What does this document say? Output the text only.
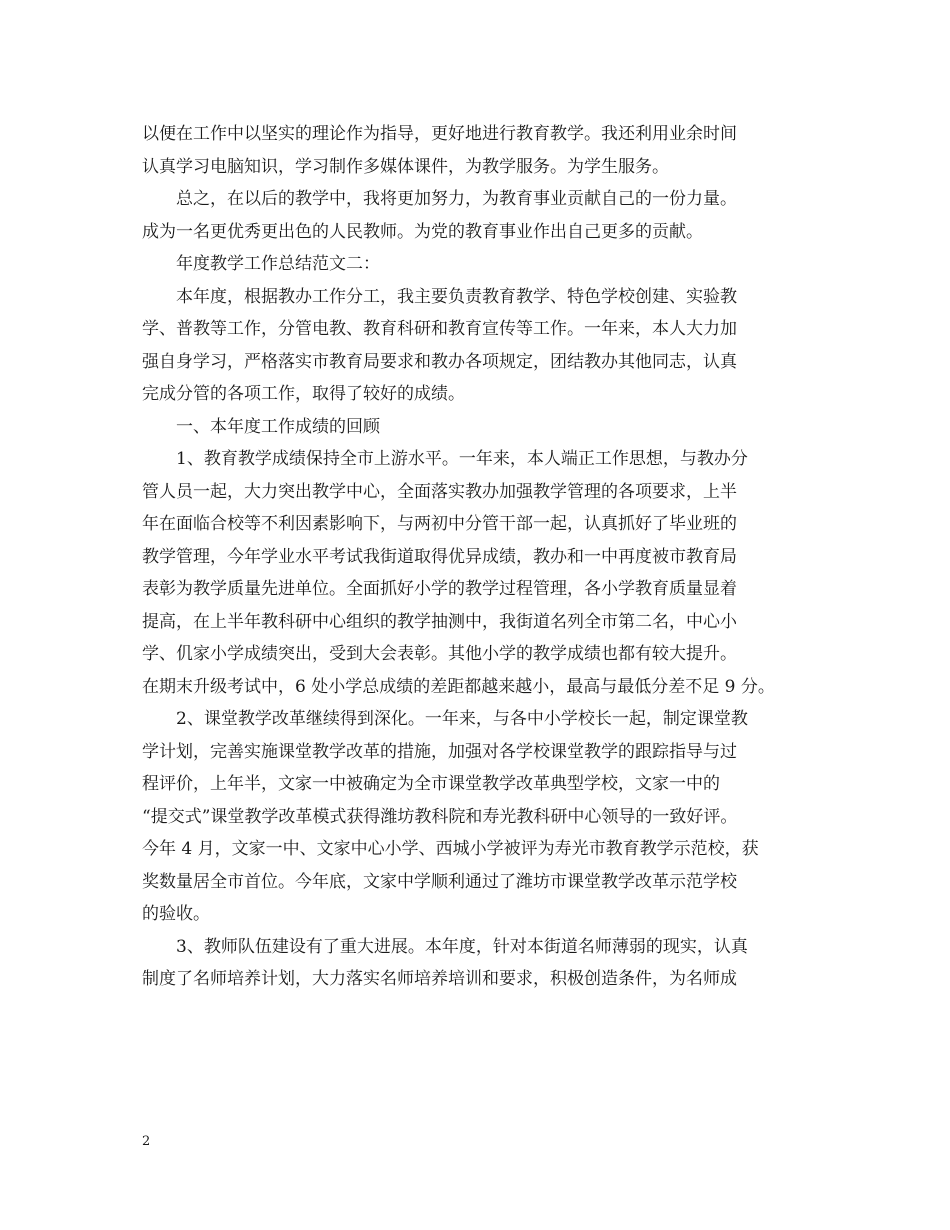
以便在工作中以坚实的理论作为指导，更好地进行教育教学。我还利用业余时间
认真学习电脑知识，学习制作多媒体课件，为教学服务。为学生服务。
总之，在以后的教学中，我将更加努力，为教育事业贡献自己的一份力量。
成为一名更优秀更出色的人民教师。为党的教育事业作出自己更多的贡献。
年度教学工作总结范文二：
本年度，根据教办工作分工，我主要负责教育教学、特色学校创建、实验教
学、普教等工作，分管电教、教育科研和教育宣传等工作。一年来，本人大力加
强自身学习，严格落实市教育局要求和教办各项规定，团结教办其他同志，认真
完成分管的各项工作，取得了较好的成绩。
一、本年度工作成绩的回顾
1、教育教学成绩保持全市上游水平。一年来，本人端正工作思想，与教办分
管人员一起，大力突出教学中心，全面落实教办加强教学管理的各项要求，上半
年在面临合校等不利因素影响下，与两初中分管干部一起，认真抓好了毕业班的
教学管理，今年学业水平考试我街道取得优异成绩，教办和一中再度被市教育局
表彰为教学质量先进单位。全面抓好小学的教学过程管理，各小学教育质量显着
提高，在上半年教科研中心组织的教学抽测中，我街道名列全市第二名，中心小
学、仉家小学成绩突出，受到大会表彰。其他小学的教学成绩也都有较大提升。
在期末升级考试中，6 处小学总成绩的差距都越来越小，最高与最低分差不足 9 分。
2、课堂教学改革继续得到深化。一年来，与各中小学校长一起，制定课堂教
学计划，完善实施课堂教学改革的措施，加强对各学校课堂教学的跟踪指导与过
程评价，上年半，文家一中被确定为全市课堂教学改革典型学校，文家一中的
“提交式”课堂教学改革模式获得潍坊教科院和寿光教科研中心领导的一致好评。
今年 4 月，文家一中、文家中心小学、西城小学被评为寿光市教育教学示范校，获
奖数量居全市首位。今年底，文家中学顺利通过了潍坊市课堂教学改革示范学校
的验收。
3、教师队伍建设有了重大进展。本年度，针对本街道名师薄弱的现实，认真
制度了名师培养计划，大力落实名师培养培训和要求，积极创造条件，为名师成
2
